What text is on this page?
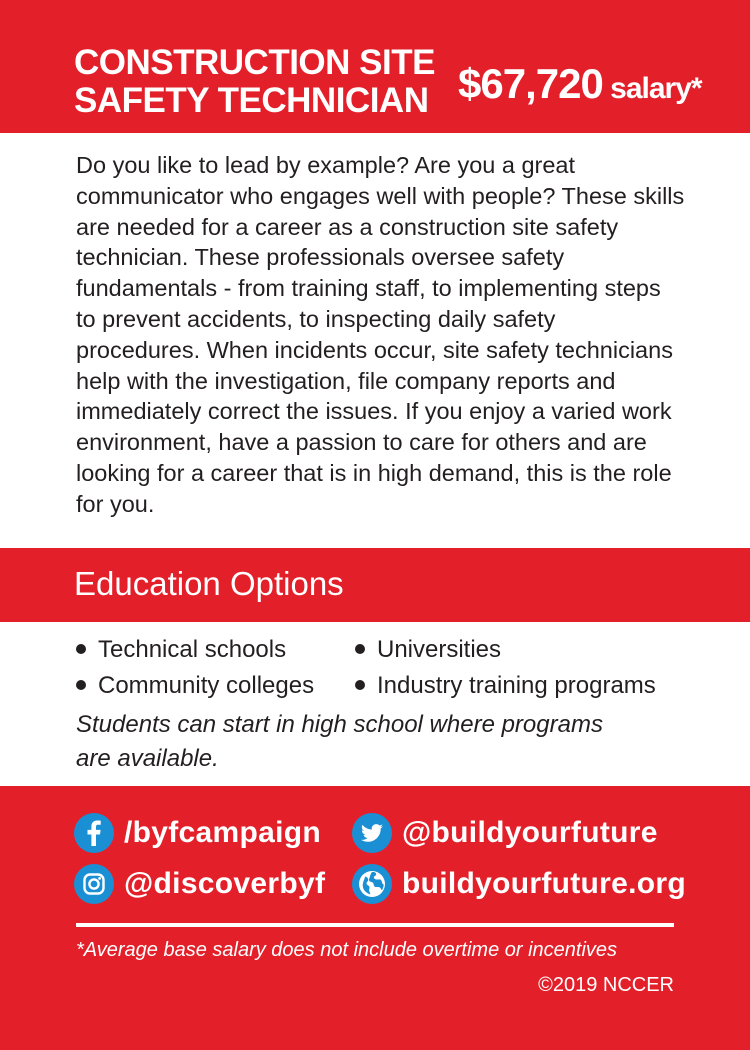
CONSTRUCTION SITE
SAFETY TECHNICIAN $67,720 salary*
Do you like to lead by example? Are you a great communicator who engages well with people? These skills are needed for a career as a construction site safety technician. These professionals oversee safety fundamentals - from training staff, to implementing steps to prevent accidents, to inspecting daily safety procedures. When incidents occur, site safety technicians help with the investigation, file company reports and immediately correct the issues. If you enjoy a varied work environment, have a passion to care for others and are looking for a career that is in high demand, this is the role for you.
Education Options
Technical schools	Universities
Community colleges	Industry training programs
Students can start in high school where programs are available.
/byfcampaign	@buildyourfuture
@discoverbyf	buildyourfuture.org
*Average base salary does not include overtime or incentives
©2019 NCCER
